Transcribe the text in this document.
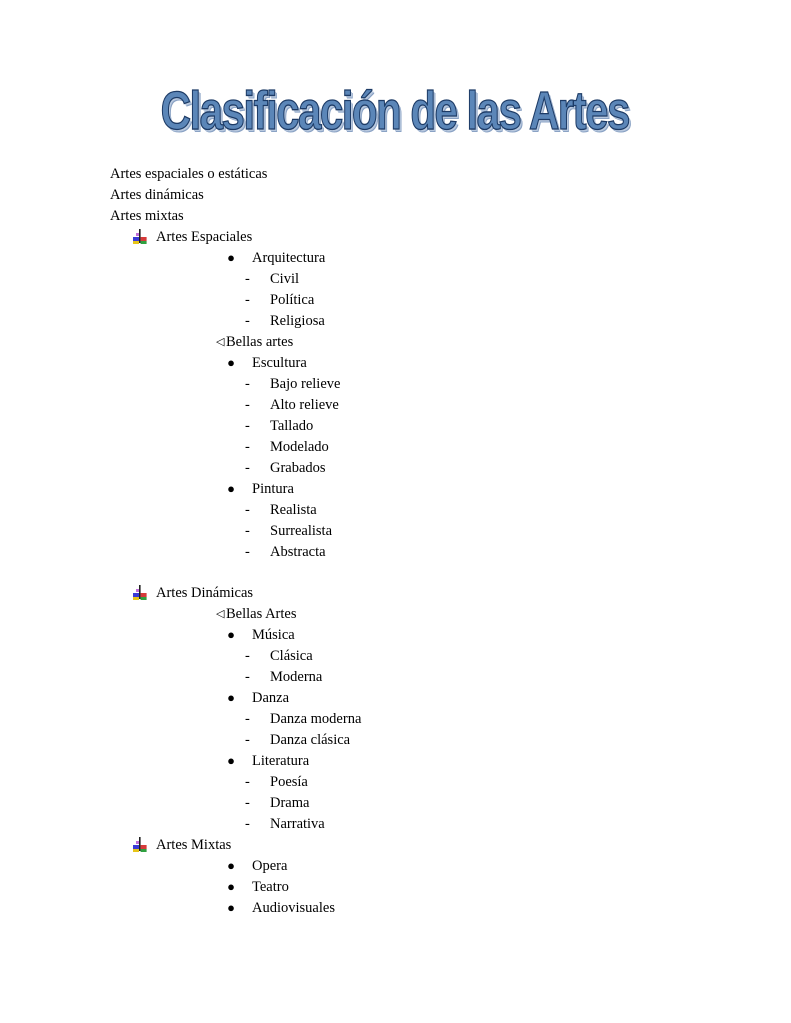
Clasificación de las Artes
Artes espaciales o estáticas
Artes dinámicas
Artes mixtas
Artes Espaciales
● Arquitectura
- Civil
- Política
- Religiosa
◁ Bellas artes
● Escultura
- Bajo relieve
- Alto relieve
- Tallado
- Modelado
- Grabados
● Pintura
- Realista
- Surrealista
- Abstracta
Artes Dinámicas
◁ Bellas Artes
● Música
- Clásica
- Moderna
● Danza
- Danza moderna
- Danza clásica
● Literatura
- Poesía
- Drama
- Narrativa
Artes Mixtas
● Opera
● Teatro
● Audiovisuales
